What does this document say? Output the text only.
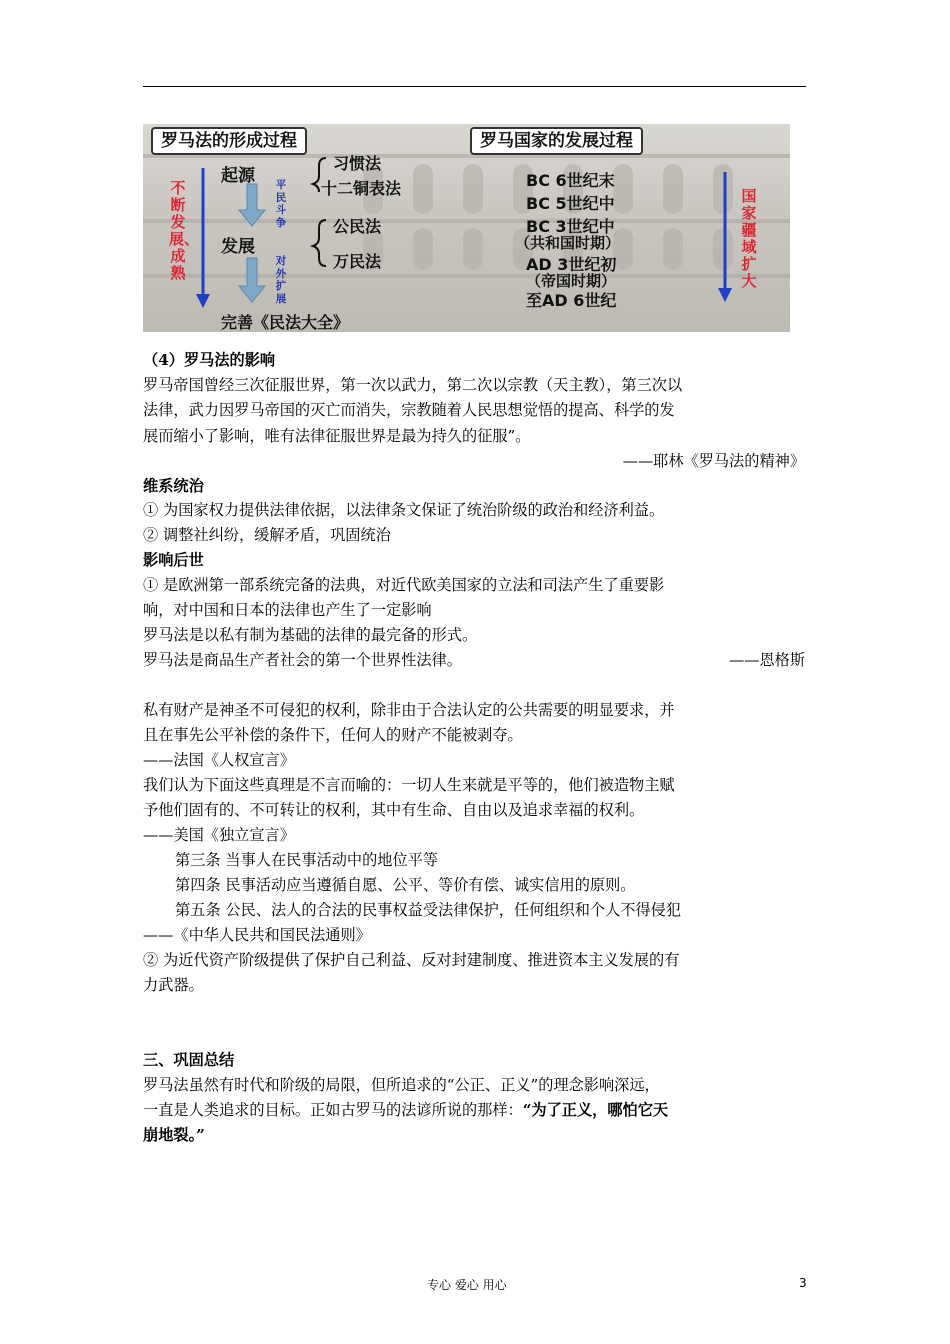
罗马法的形成过程	罗马国家的发展过程
不断发展、成熟
国家疆域扩大
起源
发展
完善《民法大全》
平民斗争
对外扩展
习惯法
十二铜表法
公民法
万民法
BC 6世纪末
BC 5世纪中
BC 3世纪中
（共和国时期）
AD 3世纪初
（帝国时期）
至AD 6世纪
（4）罗马法的影响
罗马帝国曾经三次征服世界，第一次以武力，第二次以宗教（天主教），第三次以
法律，武力因罗马帝国的灭亡而消失，宗教随着人民思想觉悟的提高、科学的发
展而缩小了影响，唯有法律征服世界是最为持久的征服”。
——耶林《罗马法的精神》
维系统治
① 为国家权力提供法律依据，以法律条文保证了统治阶级的政治和经济利益。
② 调整社纠纷，缓解矛盾，巩固统治
影响后世
① 是欧洲第一部系统完备的法典，对近代欧美国家的立法和司法产生了重要影
响，对中国和日本的法律也产生了一定影响
罗马法是以私有制为基础的法律的最完备的形式。
罗马法是商品生产者社会的第一个世界性法律。	——恩格斯
私有财产是神圣不可侵犯的权利，除非由于合法认定的公共需要的明显要求，并
且在事先公平补偿的条件下，任何人的财产不能被剥夺。
——法国《人权宣言》
我们认为下面这些真理是不言而喻的：一切人生来就是平等的，他们被造物主赋
予他们固有的、不可转让的权利，其中有生命、自由以及追求幸福的权利。
——美国《独立宣言》
第三条 当事人在民事活动中的地位平等
第四条 民事活动应当遵循自愿、公平、等价有偿、诚实信用的原则。
第五条 公民、法人的合法的民事权益受法律保护，任何组织和个人不得侵犯
——《中华人民共和国民法通则》
② 为近代资产阶级提供了保护自己利益、反对封建制度、推进资本主义发展的有
力武器。
三、巩固总结
罗马法虽然有时代和阶级的局限，但所追求的“公正、正义”的理念影响深远，
一直是人类追求的目标。正如古罗马的法谚所说的那样：“为了正义，哪怕它天
崩地裂。”
专心 爱心 用心	3
